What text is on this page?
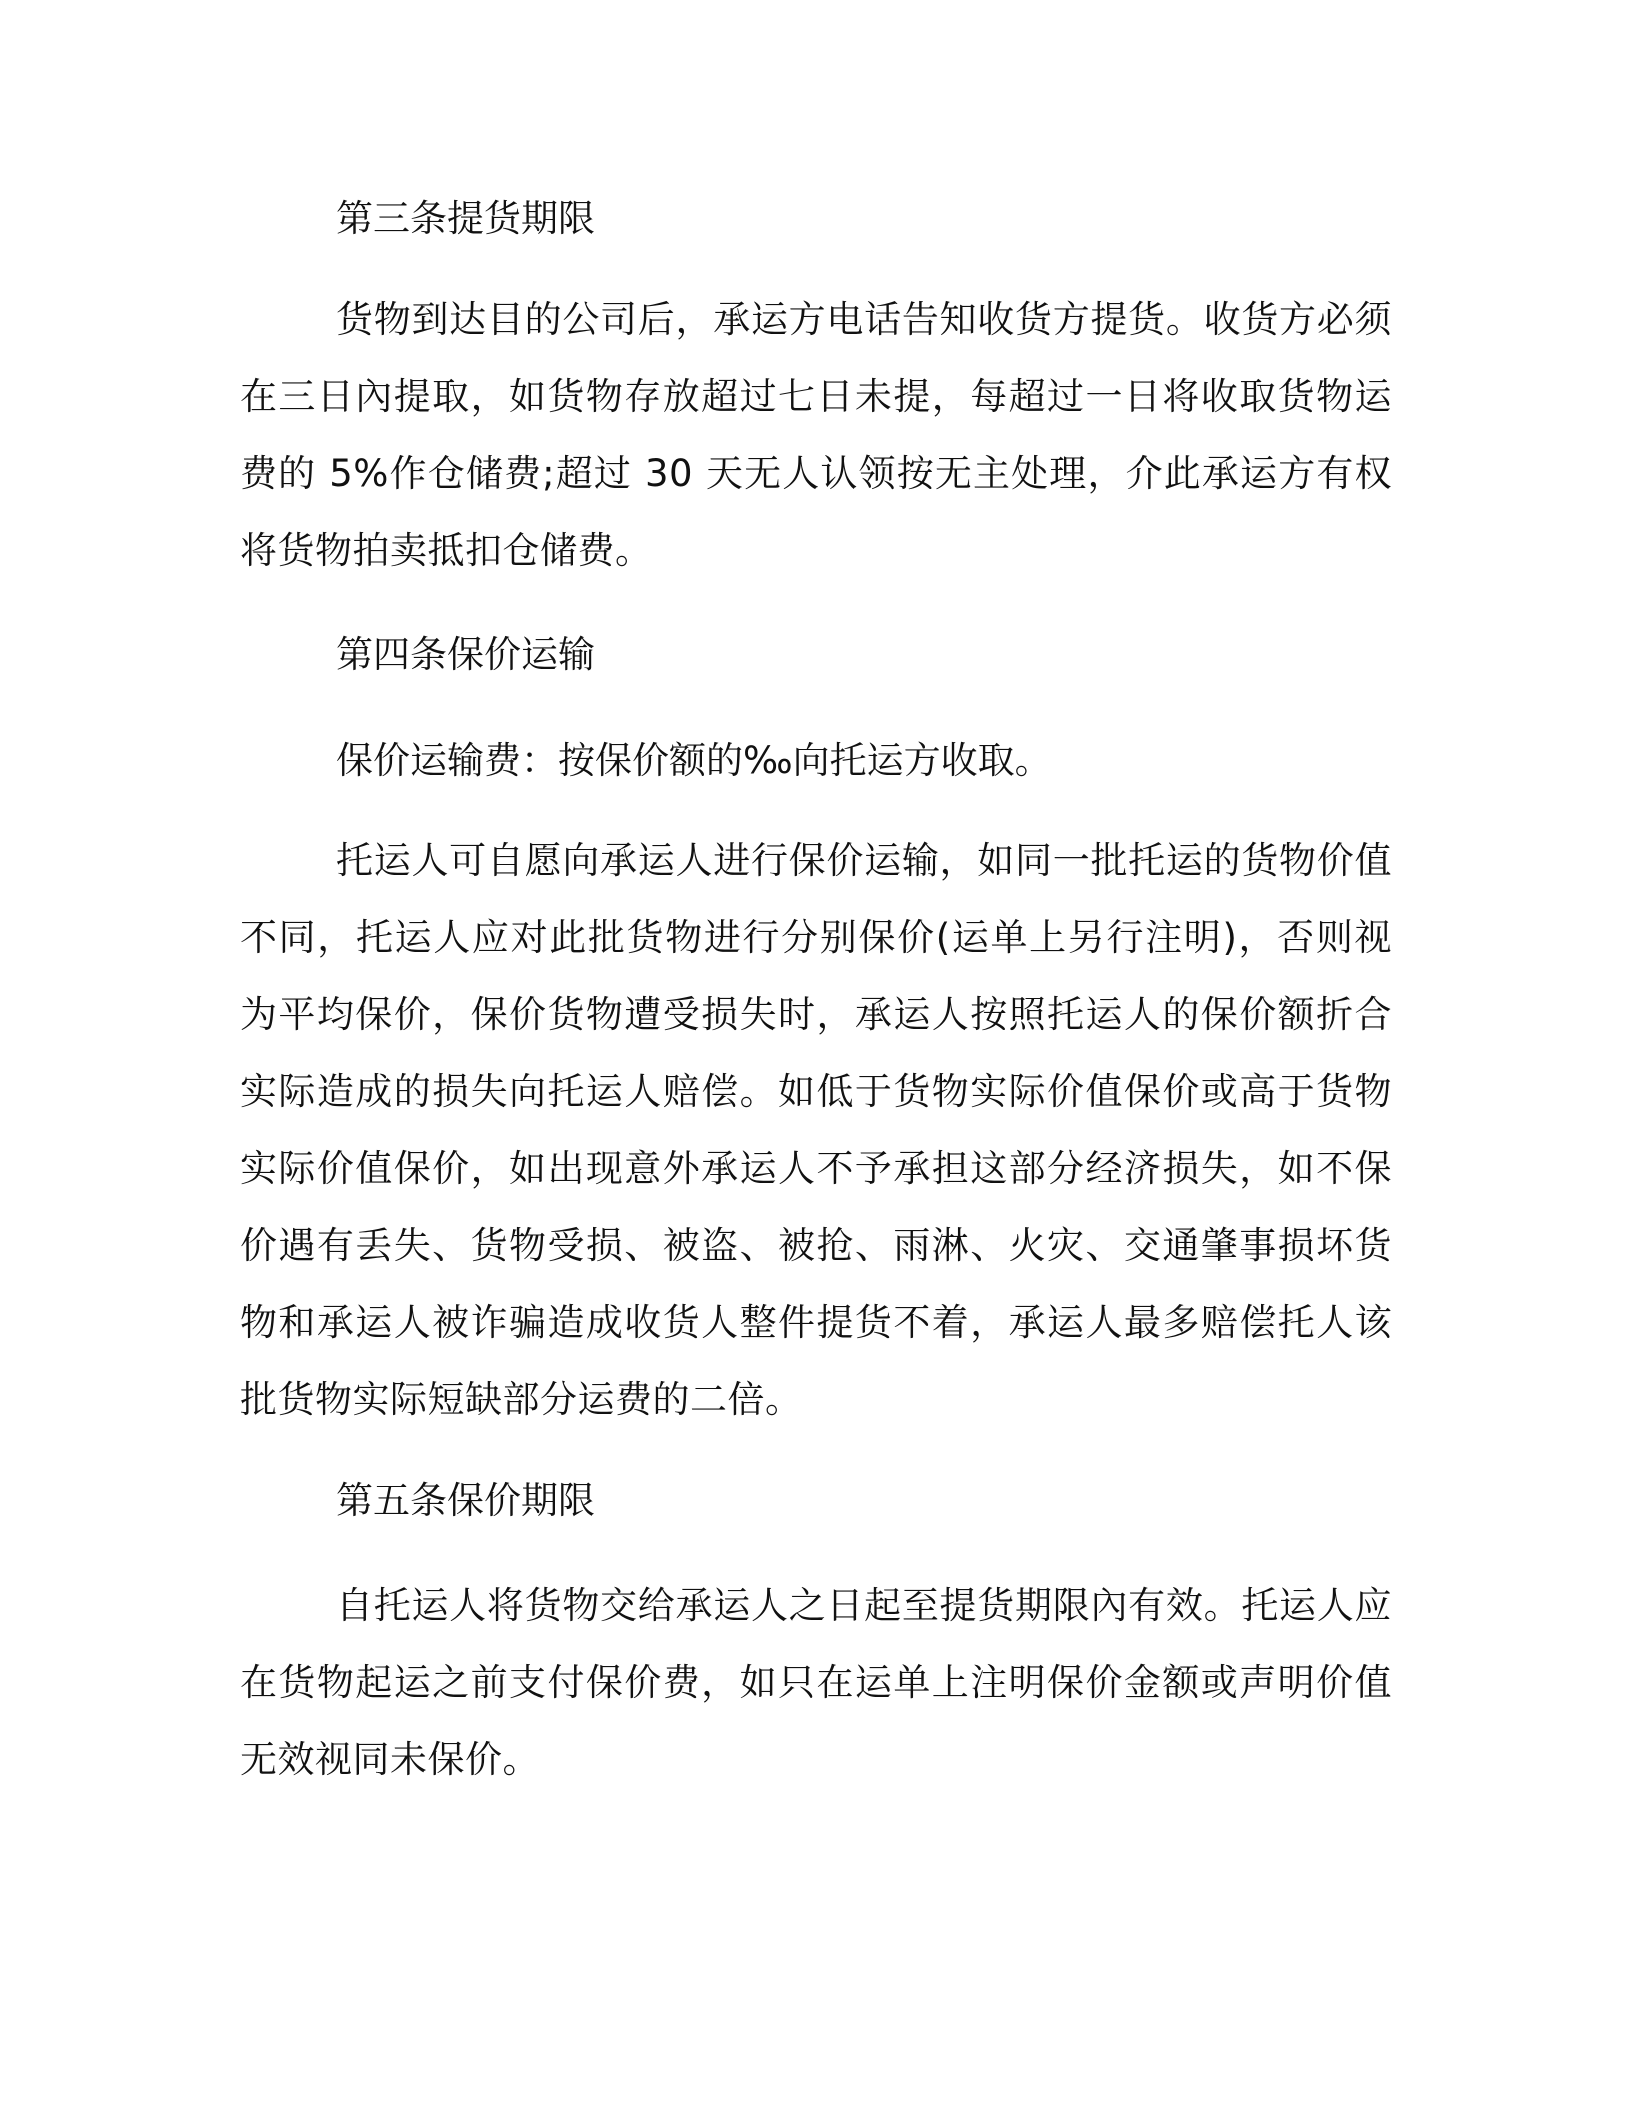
第三条提货期限

货物到达目的公司后，承运方电话告知收货方提货。收货方必须在三日內提取，如货物存放超过七日未提，每超过一日将收取货物运费的 5%作仓储费;超过 30 天无人认领按无主处理，介此承运方有权将货物拍卖抵扣仓储费。

第四条保价运输

保价运输费：按保价额的‰向托运方收取。

托运人可自愿向承运人进行保价运输，如同一批托运的货物价值不同，托运人应对此批货物进行分别保价(运单上另行注明)，否则视为平均保价，保价货物遭受损失时，承运人按照托运人的保价额折合实际造成的损失向托运人赔偿。如低于货物实际价值保价或高于货物实际价值保价，如出现意外承运人不予承担这部分经济损失，如不保价遇有丢失、货物受损、被盗、被抢、雨淋、火灾、交通肇事损坏货物和承运人被诈骗造成收货人整件提货不着，承运人最多赔偿托人该批货物实际短缺部分运费的二倍。

第五条保价期限

自托运人将货物交给承运人之日起至提货期限內有效。托运人应在货物起运之前支付保价费，如只在运单上注明保价金额或声明价值无效视同未保价。
